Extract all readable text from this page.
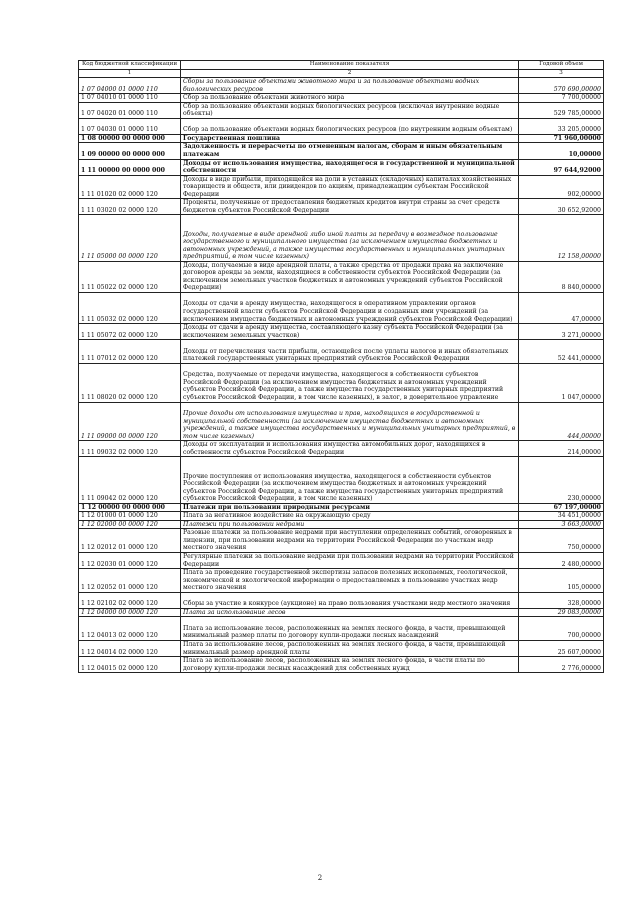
Код бюджетной классификации	Наименование показателя	Годовой объем
1	2	3
1 07 04000 01 0000 110	Сборы за пользование объектами животного мира и за пользование объектами водных биологических ресурсов	570 690,00000
1 07 04010 01 0000 110	Сбор за пользование объектами животного мира	7 700,00000
1 07 04020 01 0000 110	Сбор за пользование объектами водных биологических ресурсов (исключая внутренние водные объекты)	529 785,00000
1 07 04030 01 0000 110	Сбор за пользование объектами водных биологических ресурсов (по внутренним водным объектам)	33 205,00000
1 08 00000 00 0000 000	Государственная пошлина	71 960,00000
1 09 00000 00 0000 000	Задолженность и перерасчеты по отмененным налогам, сборам и иным обязательным платежам	10,00000
1 11 00000 00 0000 000	Доходы от использования имущества, находящегося в государственной и муниципальной собственности	97 644,92000
1 11 01020 02 0000 120	Доходы в виде прибыли, приходящейся на доли в уставных (складочных) капиталах хозяйственных товариществ и обществ, или дивидендов по акциям, принадлежащим субъектам Российской Федерации	902,00000
1 11 03020 02 0000 120	Проценты, полученные от предоставления бюджетных кредитов внутри страны за счет средств бюджетов субъектов Российской Федерации	30 652,92000
1 11 05000 00 0000 120	Доходы, получаемые в виде арендной либо иной платы за передачу в возмездное пользование государственного и муниципального имущества (за исключением имущества бюджетных и автономных учреждений, а также имущества государственных и муниципальных унитарных предприятий, в том числе казенных)	12 158,00000
1 11 05022 02 0000 120	Доходы, получаемые в виде арендной платы, а также средства от продажи права на заключение договоров аренды за земли, находящиеся в собственности субъектов Российской Федерации (за исключением земельных участков бюджетных и автономных учреждений субъектов Российской Федерации)	8 840,00000
1 11 05032 02 0000 120	Доходы от сдачи в аренду имущества, находящегося в оперативном управлении органов государственной власти субъектов Российской Федерации и созданных ими учреждений (за исключением имущества бюджетных и автономных учреждений субъектов Российской Федерации)	47,00000
1 11 05072 02 0000 120	Доходы от сдачи в аренду имущества, составляющего казну субъекта Российской Федерации (за исключением земельных участков)	3 271,00000
1 11 07012 02 0000 120	Доходы от перечисления части прибыли, остающейся после уплаты налогов и иных обязательных платежей государственных унитарных предприятий субъектов Российской Федерации	52 441,00000
1 11 08020 02 0000 120	Средства, получаемые от передачи имущества, находящегося в собственности субъектов Российской Федерации (за исключением имущества бюджетных и автономных учреждений субъектов Российской Федерации, а также имущества государственных унитарных предприятий субъектов Российской Федерации, в том числе казенных), в залог, в доверительное управление	1 047,00000
1 11 09000 00 0000 120	Прочие доходы от использования имущества и прав, находящихся в государственной и муниципальной собственности (за исключением имущества бюджетных и автономных учреждений, а также имущества государственных и муниципальных унитарных предприятий, в том числе казенных)	444,00000
1 11 09032 02 0000 120	Доходы от эксплуатации и использования имущества автомобильных дорог, находящихся в собственности субъектов Российской Федерации	214,00000
1 11 09042 02 0000 120	Прочие поступления от использования имущества, находящегося в собственности субъектов Российской Федерации (за исключением имущества бюджетных и автономных учреждений субъектов Российской Федерации, а также имущества государственных унитарных предприятий субъектов Российской Федерации, в том числе казенных)	230,00000
1 12 00000 00 0000 000	Платежи при пользовании природными ресурсами	67 197,00000
1 12 01000 01 0000 120	Плата за негативное воздействие на окружающую среду	34 451,00000
1 12 02000 00 0000 120	Платежи при пользовании недрами	3 663,00000
1 12 02012 01 0000 120	Разовые платежи за пользование недрами при наступлении определенных событий, оговоренных в лицензии, при пользовании недрами на территории Российской Федерации по участкам недр местного значения	750,00000
1 12 02030 01 0000 120	Регулярные платежи за пользование недрами при пользовании недрами на территории Российской Федерации	2 480,00000
1 12 02052 01 0000 120	Плата за проведение государственной экспертизы запасов полезных ископаемых, геологической, экономической и экологической информации о предоставляемых в пользование участках недр местного значения	105,00000
1 12 02102 02 0000 120	Сборы за участие в конкурсе (аукционе) на право пользования участками недр местного значения	328,00000
1 12 04000 00 0000 120	Плата за использование лесов	29 083,00000
1 12 04013 02 0000 120	Плата за использование лесов, расположенных на землях лесного фонда, в части, превышающей минимальный размер платы по договору купли-продажи лесных насаждений	700,00000
1 12 04014 02 0000 120	Плата за использование лесов, расположенных на землях лесного фонда, в части, превышающей минимальный размер арендной платы	25 607,00000
1 12 04015 02 0000 120	Плата за использование лесов, расположенных на землях лесного фонда, в части платы по договору купли-продажи лесных насаждений для собственных нужд	2 776,00000
2
